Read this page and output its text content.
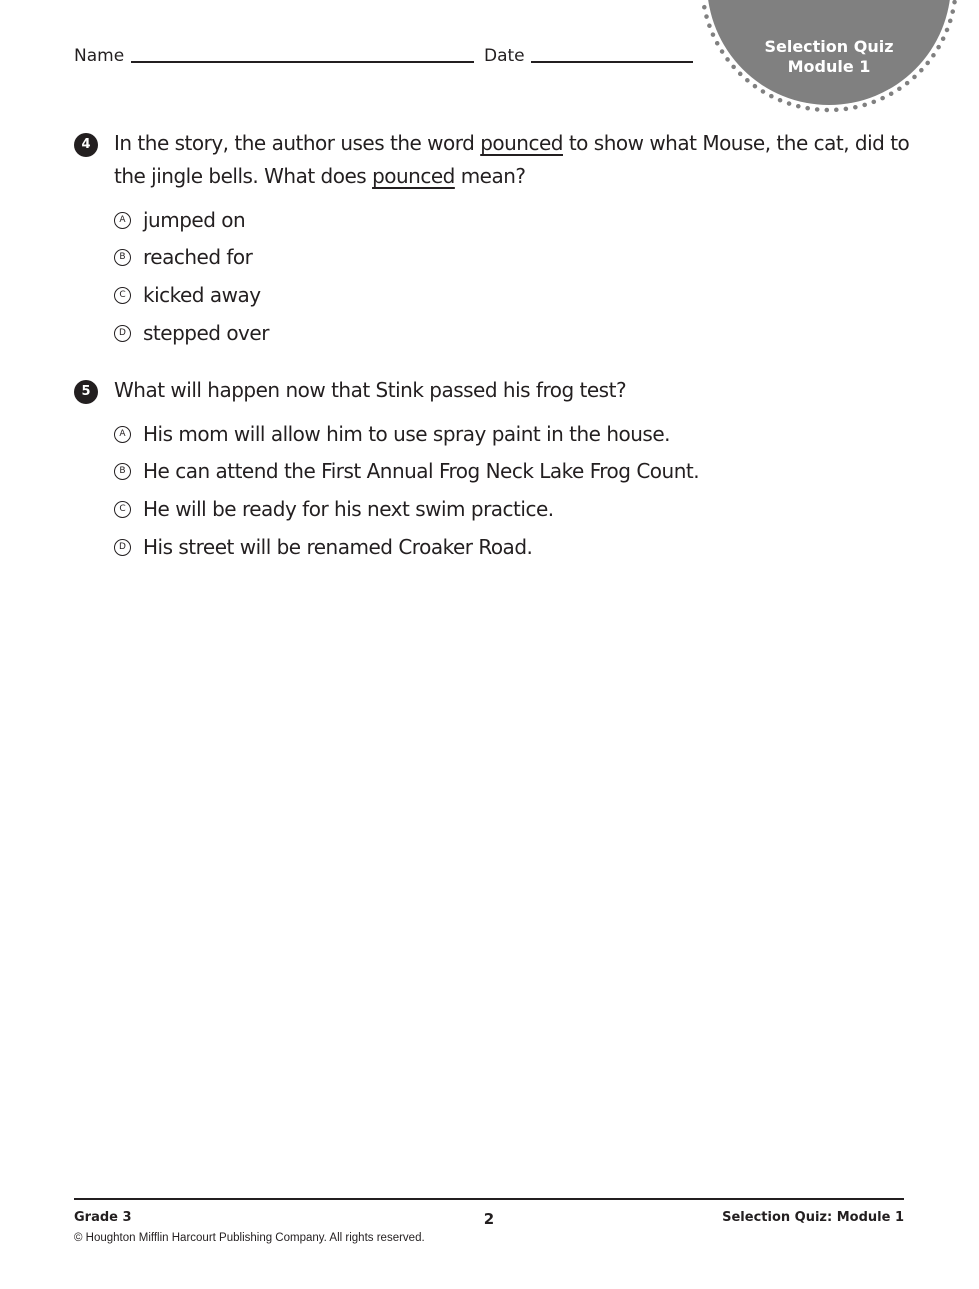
Name	Date	Selection Quiz
Module 1
4	In the story, the author uses the word pounced to show what Mouse, the cat, did to the jingle bells. What does pounced mean?
A jumped on
B reached for
C kicked away
D stepped over
5	What will happen now that Stink passed his frog test?
A His mom will allow him to use spray paint in the house.
B He can attend the First Annual Frog Neck Lake Frog Count.
C He will be ready for his next swim practice.
D His street will be renamed Croaker Road.
Grade 3	2	Selection Quiz: Module 1
© Houghton Mifflin Harcourt Publishing Company. All rights reserved.
